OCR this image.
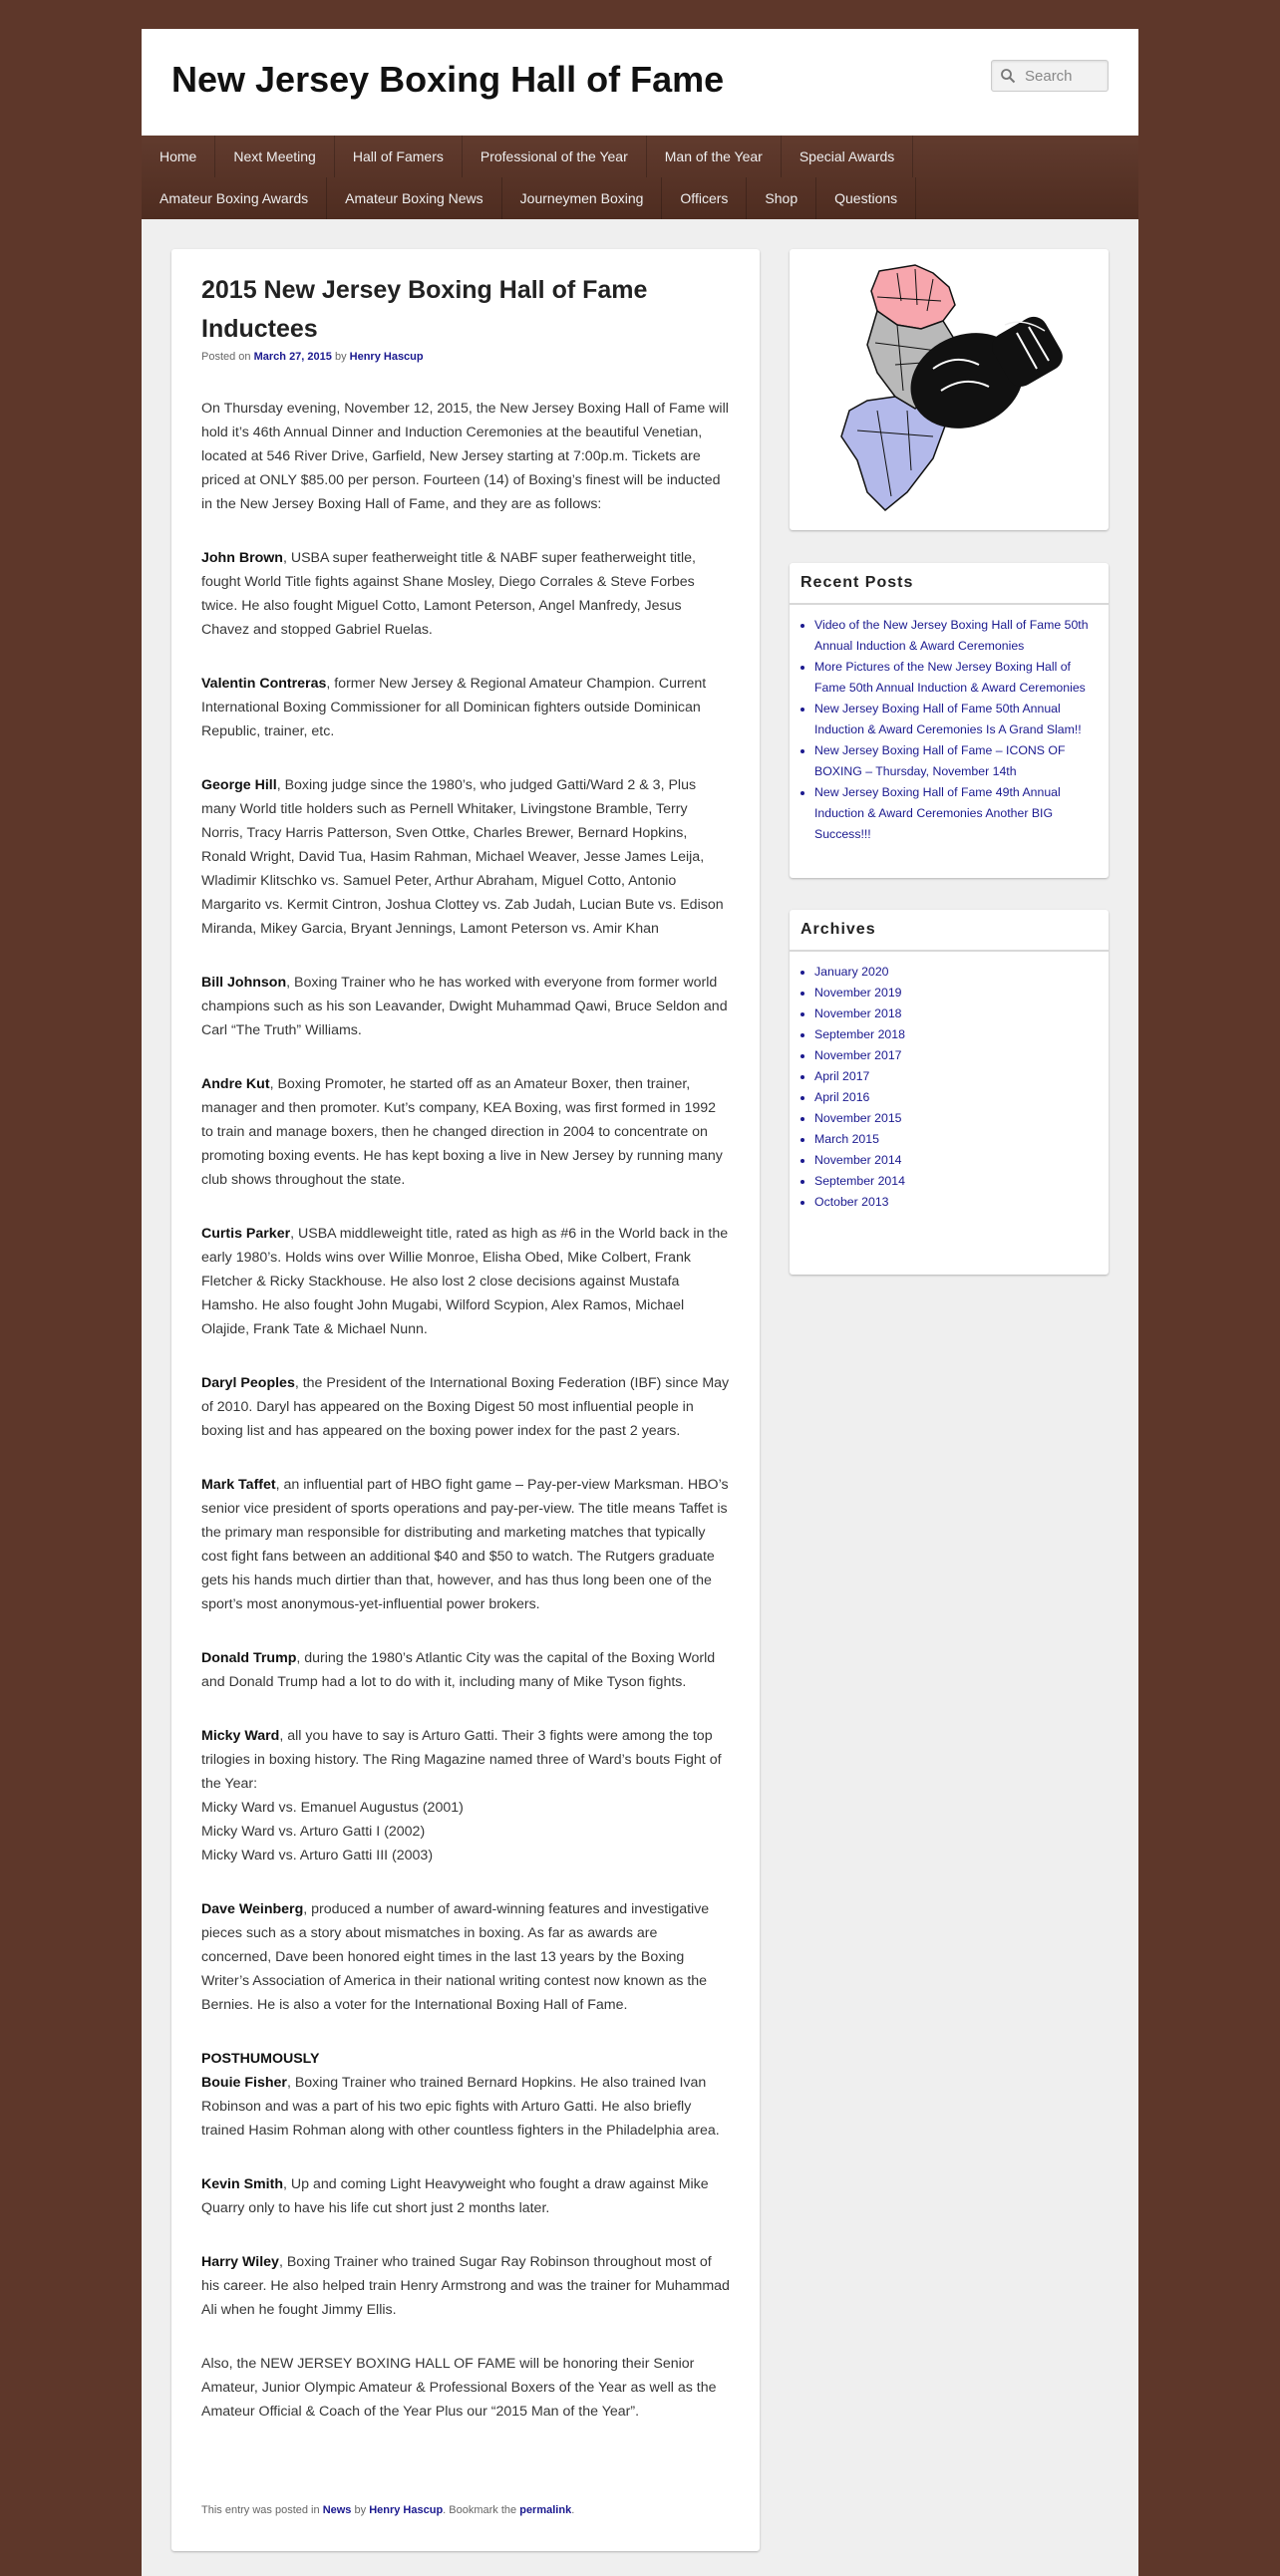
New Jersey Boxing Hall of Fame	Search
Home	Next Meeting	Hall of Famers	Professional of the Year	Man of the Year	Special Awards
Amateur Boxing Awards	Amateur Boxing News	Journeymen Boxing	Officers	Shop	Questions
2015 New Jersey Boxing Hall of Fame Inductees
Posted on March 27, 2015 by Henry Hascup

On Thursday evening, November 12, 2015, the New Jersey Boxing Hall of Fame will hold it’s 46th Annual Dinner and Induction Ceremonies at the beautiful Venetian, located at 546 River Drive, Garfield, New Jersey starting at 7:00p.m. Tickets are priced at ONLY $85.00 per person. Fourteen (14) of Boxing’s finest will be inducted in the New Jersey Boxing Hall of Fame, and they are as follows:

John Brown, USBA super featherweight title & NABF super featherweight title, fought World Title fights against Shane Mosley, Diego Corrales & Steve Forbes twice. He also fought Miguel Cotto, Lamont Peterson, Angel Manfredy, Jesus Chavez and stopped Gabriel Ruelas.

Valentin Contreras, former New Jersey & Regional Amateur Champion. Current International Boxing Commissioner for all Dominican fighters outside Dominican Republic, trainer, etc.

George Hill, Boxing judge since the 1980’s, who judged Gatti/Ward 2 & 3, Plus many World title holders such as Pernell Whitaker, Livingstone Bramble, Terry Norris, Tracy Harris Patterson, Sven Ottke, Charles Brewer, Bernard Hopkins, Ronald Wright, David Tua, Hasim Rahman, Michael Weaver, Jesse James Leija, Wladimir Klitschko vs. Samuel Peter, Arthur Abraham, Miguel Cotto, Antonio Margarito vs. Kermit Cintron, Joshua Clottey vs. Zab Judah, Lucian Bute vs. Edison Miranda, Mikey Garcia, Bryant Jennings, Lamont Peterson vs. Amir Khan

Bill Johnson, Boxing Trainer who he has worked with everyone from former world champions such as his son Leavander, Dwight Muhammad Qawi, Bruce Seldon and Carl “The Truth” Williams.

Andre Kut, Boxing Promoter, he started off as an Amateur Boxer, then trainer, manager and then promoter. Kut’s company, KEA Boxing, was first formed in 1992 to train and manage boxers, then he changed direction in 2004 to concentrate on promoting boxing events. He has kept boxing a live in New Jersey by running many club shows throughout the state.

Curtis Parker, USBA middleweight title, rated as high as #6 in the World back in the early 1980’s. Holds wins over Willie Monroe, Elisha Obed, Mike Colbert, Frank Fletcher & Ricky Stackhouse. He also lost 2 close decisions against Mustafa Hamsho. He also fought John Mugabi, Wilford Scypion, Alex Ramos, Michael Olajide, Frank Tate & Michael Nunn.

Daryl Peoples, the President of the International Boxing Federation (IBF) since May of 2010. Daryl has appeared on the Boxing Digest 50 most influential people in boxing list and has appeared on the boxing power index for the past 2 years.

Mark Taffet, an influential part of HBO fight game – Pay-per-view Marksman. HBO’s senior vice president of sports operations and pay-per-view. The title means Taffet is the primary man responsible for distributing and marketing matches that typically cost fight fans between an additional $40 and $50 to watch. The Rutgers graduate gets his hands much dirtier than that, however, and has thus long been one of the sport’s most anonymous-yet-influential power brokers.

Donald Trump, during the 1980’s Atlantic City was the capital of the Boxing World and Donald Trump had a lot to do with it, including many of Mike Tyson fights.

Micky Ward, all you have to say is Arturo Gatti. Their 3 fights were among the top trilogies in boxing history. The Ring Magazine named three of Ward’s bouts Fight of the Year:
Micky Ward vs. Emanuel Augustus (2001)
Micky Ward vs. Arturo Gatti I (2002)
Micky Ward vs. Arturo Gatti III (2003)

Dave Weinberg, produced a number of award-winning features and investigative pieces such as a story about mismatches in boxing. As far as awards are concerned, Dave been honored eight times in the last 13 years by the Boxing Writer’s Association of America in their national writing contest now known as the Bernies. He is also a voter for the International Boxing Hall of Fame.

POSTHUMOUSLY
Bouie Fisher, Boxing Trainer who trained Bernard Hopkins. He also trained Ivan Robinson and was a part of his two epic fights with Arturo Gatti. He also briefly trained Hasim Rohman along with other countless fighters in the Philadelphia area.

Kevin Smith, Up and coming Light Heavyweight who fought a draw against Mike Quarry only to have his life cut short just 2 months later.

Harry Wiley, Boxing Trainer who trained Sugar Ray Robinson throughout most of his career. He also helped train Henry Armstrong and was the trainer for Muhammad Ali when he fought Jimmy Ellis.

Also, the NEW JERSEY BOXING HALL OF FAME will be honoring their Senior Amateur, Junior Olympic Amateur & Professional Boxers of the Year as well as the Amateur Official & Coach of the Year Plus our “2015 Man of the Year”.

This entry was posted in News by Henry Hascup. Bookmark the permalink.
Recent Posts
• Video of the New Jersey Boxing Hall of Fame 50th Annual Induction & Award Ceremonies
• More Pictures of the New Jersey Boxing Hall of Fame 50th Annual Induction & Award Ceremonies
• New Jersey Boxing Hall of Fame 50th Annual Induction & Award Ceremonies Is A Grand Slam!!
• New Jersey Boxing Hall of Fame – ICONS OF BOXING – Thursday, November 14th
• New Jersey Boxing Hall of Fame 49th Annual Induction & Award Ceremonies Another BIG Success!!!
Archives
• January 2020
• November 2019
• November 2018
• September 2018
• November 2017
• April 2017
• April 2016
• November 2015
• March 2015
• November 2014
• September 2014
• October 2013
